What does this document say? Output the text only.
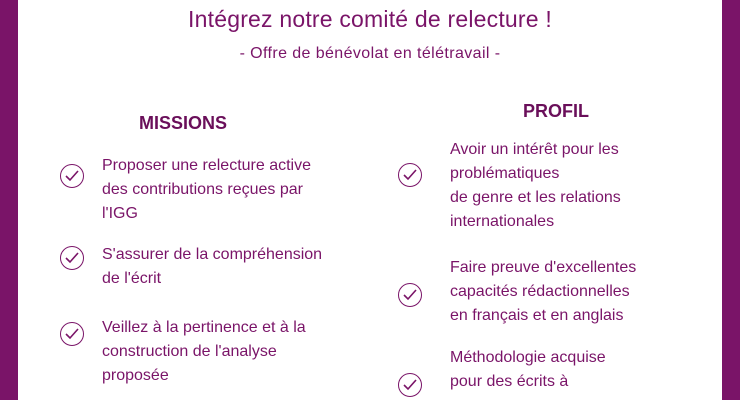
Intégrez notre comité de relecture !
- Offre de bénévolat en télétravail -
MISSIONS
Proposer une relecture active
des contributions reçues par
l'IGG
S'assurer de la compréhension
de l'écrit
Veillez à la pertinence et à la
construction de l'analyse
proposée
PROFIL
Avoir un intérêt pour les
problématiques
de genre et les relations
internationales
Faire preuve d'excellentes
capacités rédactionnelles
en français et en anglais
Méthodologie acquise
pour des écrits à
